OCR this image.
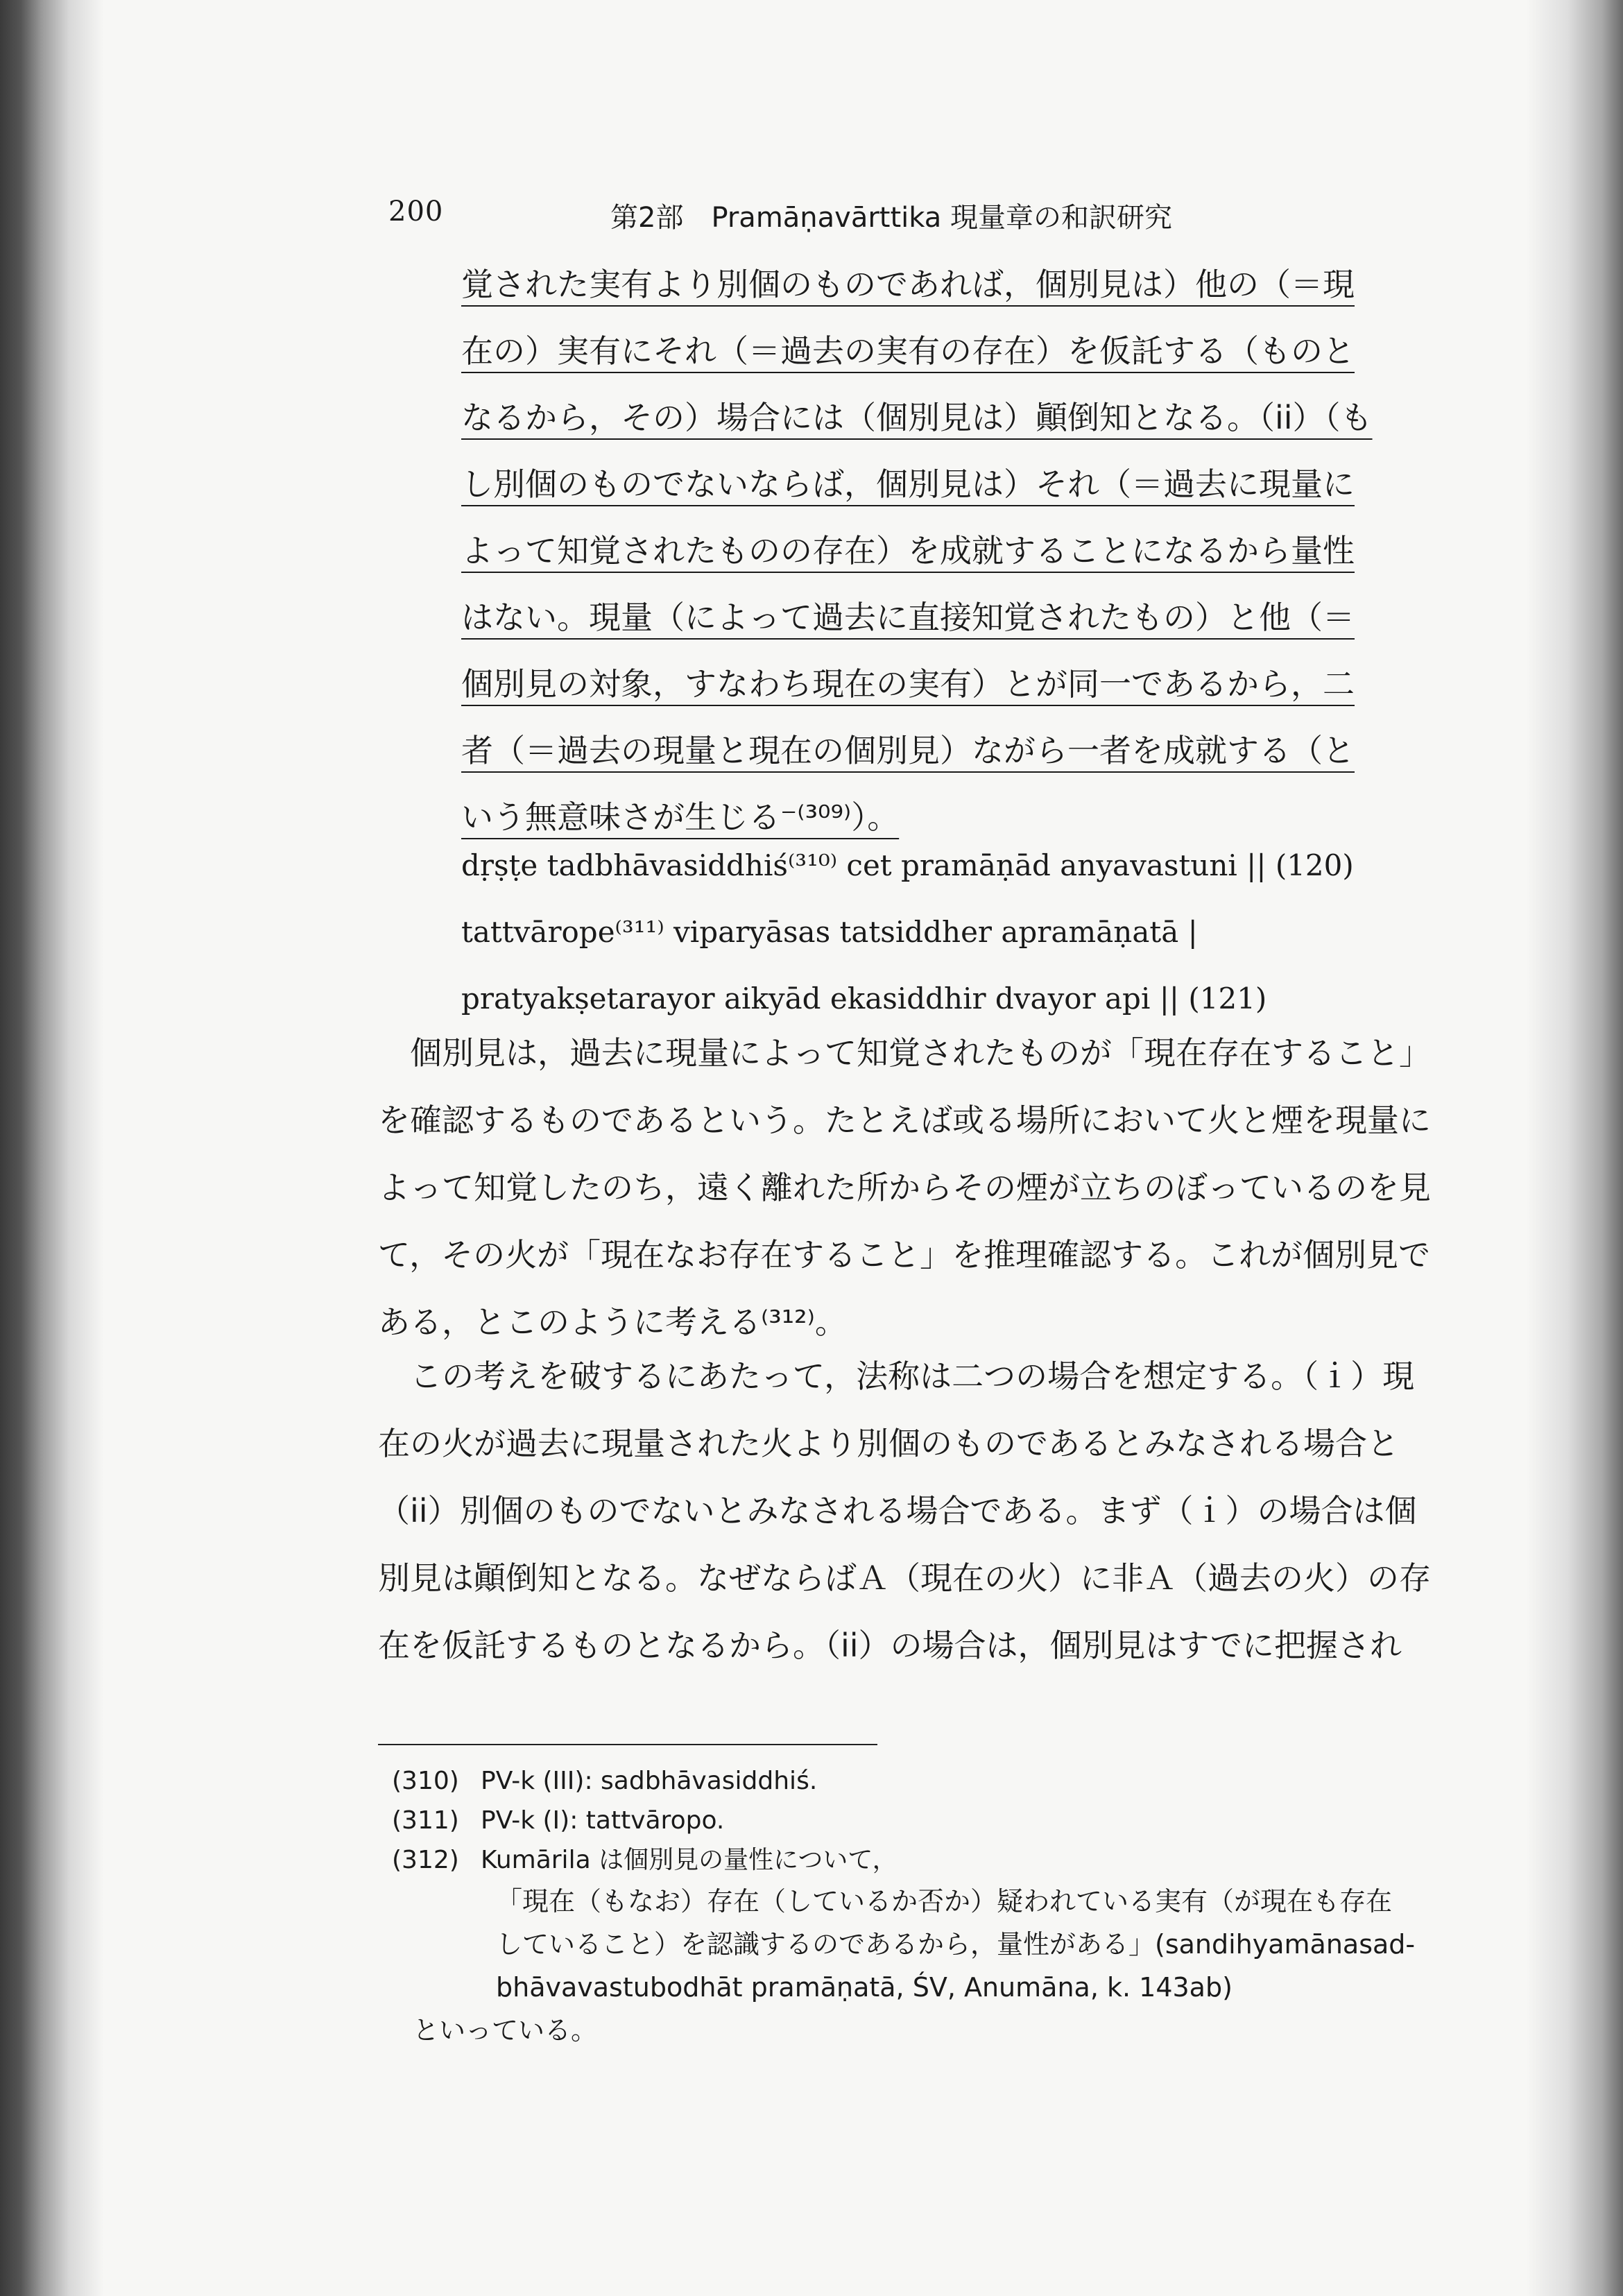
200	第2部　Pramāṇavārttika 現量章の和訳研究
覚された実有より別個のものであれば，個別見は）他の（＝現
在の）実有にそれ（＝過去の実有の存在）を仮託する（ものと
なるから，その）場合には（個別見は）顚倒知となる。（ii）（も
し別個のものでないならば，個別見は）それ（＝過去に現量に
よって知覚されたものの存在）を成就することになるから量性
はない。現量（によって過去に直接知覚されたもの）と他（＝
個別見の対象，すなわち現在の実有）とが同一であるから，二
者（＝過去の現量と現在の個別見）ながら一者を成就する（と
いう無意味さが生じる⁻⁽³⁰⁹⁾）。
dṛṣṭe tadbhāvasiddhiś⁽³¹⁰⁾ cet pramāṇād anyavastuni || (120)
tattvārope⁽³¹¹⁾ viparyāsas tatsiddher apramāṇatā |
pratyakṣetarayor aikyād ekasiddhir dvayor api || (121)
　個別見は，過去に現量によって知覚されたものが「現在存在すること」
を確認するものであるという。たとえば或る場所において火と煙を現量に
よって知覚したのち，遠く離れた所からその煙が立ちのぼっているのを見
て，その火が「現在なお存在すること」を推理確認する。これが個別見で
ある，とこのように考える⁽³¹²⁾。
　この考えを破するにあたって，法称は二つの場合を想定する。（ｉ）現
在の火が過去に現量された火より別個のものであるとみなされる場合と
（ii）別個のものでないとみなされる場合である。まず（ｉ）の場合は個
別見は顚倒知となる。なぜならばＡ（現在の火）に非Ａ（過去の火）の存
在を仮託するものとなるから。（ii）の場合は，個別見はすでに把握され
(310) PV-k (III): sadbhāvasiddhiś.
(311) PV-k (I): tattvāropo.
(312) Kumārila は個別見の量性について，
「現在（もなお）存在（しているか否か）疑われている実有（が現在も存在
していること）を認識するのであるから，量性がある」(sandihyamānasad-
bhāvavastubodhāt pramāṇatā, ŚV, Anumāna, k. 143ab)
といっている。
